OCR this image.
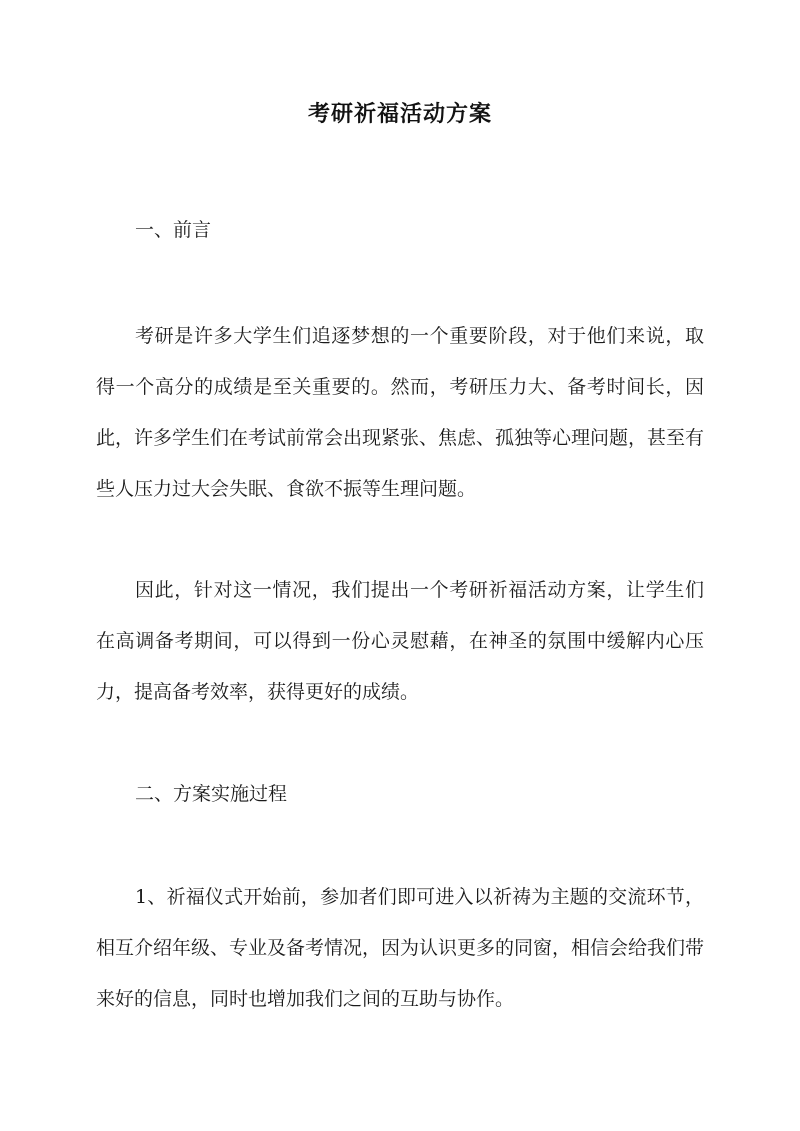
考研祈福活动方案
一、前言

考研是许多大学生们追逐梦想的一个重要阶段，对于他们来说，取得一个高分的成绩是至关重要的。然而，考研压力大、备考时间长，因此，许多学生们在考试前常会出现紧张、焦虑、孤独等心理问题，甚至有些人压力过大会失眠、食欲不振等生理问题。

因此，针对这一情况，我们提出一个考研祈福活动方案，让学生们在高调备考期间，可以得到一份心灵慰藉，在神圣的氛围中缓解内心压力，提高备考效率，获得更好的成绩。

二、方案实施过程

1、祈福仪式开始前，参加者们即可进入以祈祷为主题的交流环节，相互介绍年级、专业及备考情况，因为认识更多的同窗，相信会给我们带来好的信息，同时也增加我们之间的互助与协作。
